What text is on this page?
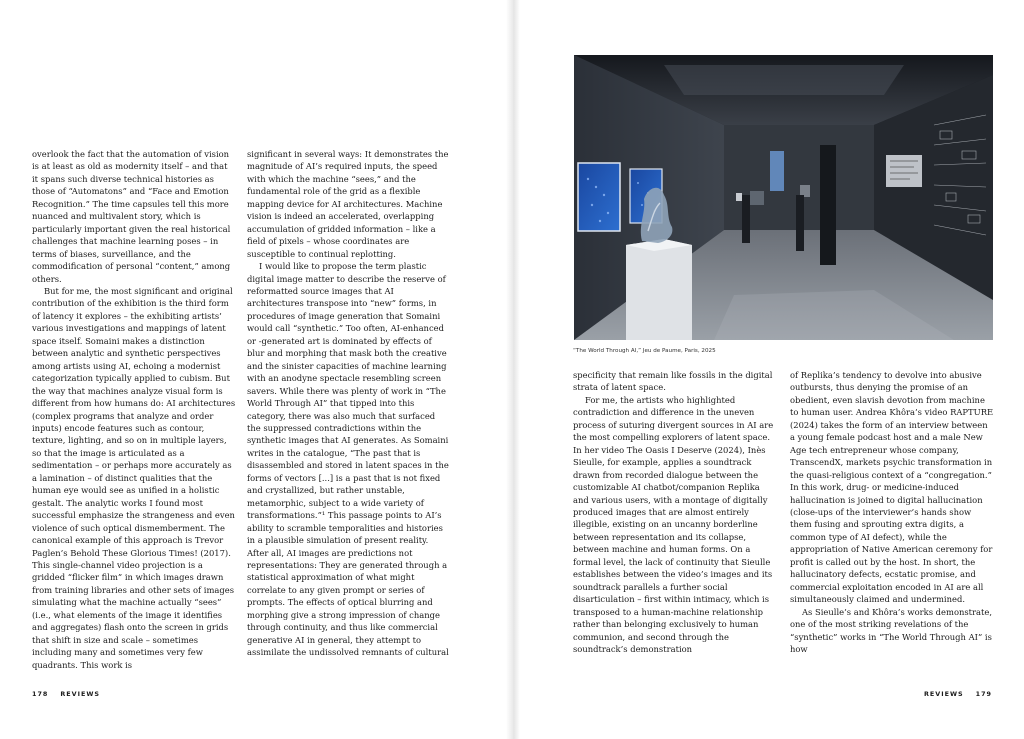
overlook the fact that the automation of vision is at least as old as modernity itself – and that it spans such diverse technical histories as those of “Automatons” and “Face and Emotion Recognition.” The time capsules tell this more nuanced and multivalent story, which is particularly important given the real historical challenges that machine learning poses – in terms of biases, surveillance, and the commodification of personal “content,” among others.

But for me, the most significant and original contribution of the exhibition is the third form of latency it explores – the exhibiting artists’ various investigations and mappings of latent space itself. Somaini makes a distinction between analytic and synthetic perspectives among artists using AI, echoing a modernist categorization typically applied to cubism. But the way that machines analyze visual form is different from how humans do: AI architectures (complex programs that analyze and order inputs) encode features such as contour, texture, lighting, and so on in multiple layers, so that the image is articulated as a sedimentation – or perhaps more accurately as a lamination – of distinct qualities that the human eye would see as unified in a holistic gestalt. The analytic works I found most successful emphasize the strangeness and even violence of such optical dismemberment. The canonical example of this approach is Trevor Paglen’s Behold These Glorious Times! (2017). This single-channel video projection is a gridded “flicker film” in which images drawn from training libraries and other sets of images simulating what the machine actually “sees” (i.e., what elements of the image it identifies and aggregates) flash onto the screen in grids that shift in size and scale – sometimes including many and sometimes very few quadrants. This work is

significant in several ways: It demonstrates the magnitude of AI’s required inputs, the speed with which the machine “sees,” and the fundamental role of the grid as a flexible mapping device for AI architectures. Machine vision is indeed an accelerated, overlapping accumulation of gridded information – like a field of pixels – whose coordinates are susceptible to continual replotting.

I would like to propose the term plastic digital image matter to describe the reserve of reformatted source images that AI architectures transpose into “new” forms, in procedures of image generation that Somaini would call “synthetic.” Too often, AI-enhanced or -generated art is dominated by effects of blur and morphing that mask both the creative and the sinister capacities of machine learning with an anodyne spectacle resembling screen savers. While there was plenty of work in “The World Through AI” that tipped into this category, there was also much that surfaced the suppressed contradictions within the synthetic images that AI generates. As Somaini writes in the catalogue, “The past that is disassembled and stored in latent spaces in the forms of vectors [...] is a past that is not fixed and crystallized, but rather unstable, metamorphic, subject to a wide variety of transformations.”¹ This passage points to AI’s ability to scramble temporalities and histories in a plausible simulation of present reality. After all, AI images are predictions not representations: They are generated through a statistical approximation of what might correlate to any given prompt or series of prompts. The effects of optical blurring and morphing give a strong impression of change through continuity, and thus like commercial generative AI in general, they attempt to assimilate the undissolved remnants of cultural

178 REVIEWS
“The World Through AI,” Jeu de Paume, Paris, 2025

specificity that remain like fossils in the digital strata of latent space.

For me, the artists who highlighted contradiction and difference in the uneven process of suturing divergent sources in AI are the most compelling explorers of latent space. In her video The Oasis I Deserve (2024), Inès Sieulle, for example, applies a soundtrack drawn from recorded dialogue between the customizable AI chatbot/companion Replika and various users, with a montage of digitally produced images that are almost entirely illegible, existing on an uncanny borderline between representation and its collapse, between machine and human forms. On a formal level, the lack of continuity that Sieulle establishes between the video’s images and its soundtrack parallels a further social disarticulation – first within intimacy, which is transposed to a human-machine relationship rather than belonging exclusively to human communion, and second through the soundtrack’s demonstration

of Replika’s tendency to devolve into abusive outbursts, thus denying the promise of an obedient, even slavish devotion from machine to human user. Andrea Khôra’s video RAPTURE (2024) takes the form of an interview between a young female podcast host and a male New Age tech entrepreneur whose company, TranscendX, markets psychic transformation in the quasi-religious context of a “congregation.” In this work, drug- or medicine-induced hallucination is joined to digital hallucination (close-ups of the interviewer’s hands show them fusing and sprouting extra digits, a common type of AI defect), while the appropriation of Native American ceremony for profit is called out by the host. In short, the hallucinatory defects, ecstatic promise, and commercial exploitation encoded in AI are all simultaneously claimed and undermined.

As Sieulle’s and Khôra’s works demonstrate, one of the most striking revelations of the “synthetic” works in “The World Through AI” is how

REVIEWS 179
